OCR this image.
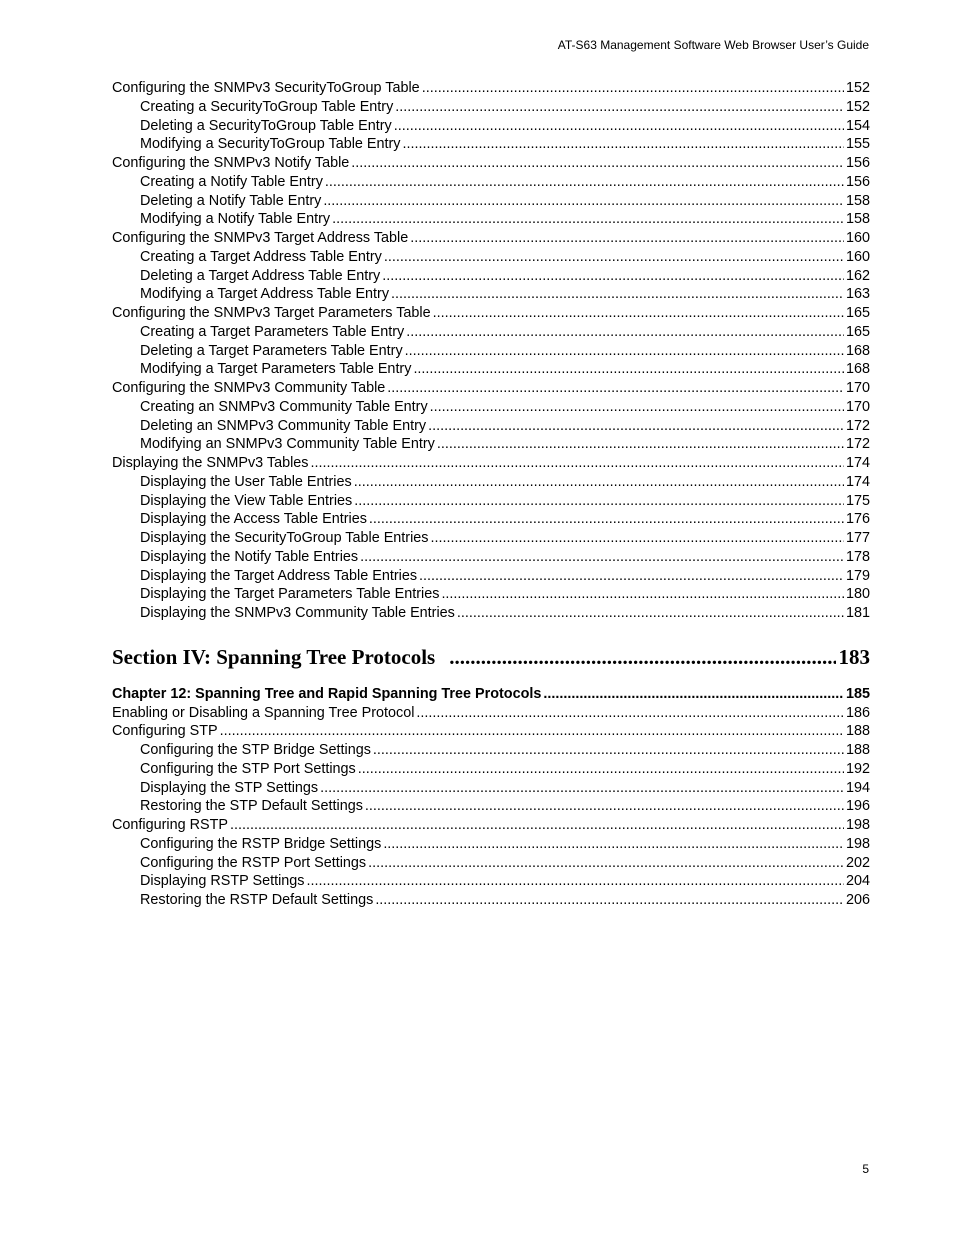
AT-S63 Management Software Web Browser User’s Guide
Configuring the SNMPv3 SecurityToGroup Table .....	152
Creating a SecurityToGroup Table Entry .....	152
Deleting a SecurityToGroup Table Entry .....	154
Modifying a SecurityToGroup Table Entry .....	155
Configuring the SNMPv3 Notify Table .....	156
Creating a Notify Table Entry .....	156
Deleting a Notify Table Entry .....	158
Modifying a Notify Table Entry .....	158
Configuring the SNMPv3 Target Address Table .....	160
Creating a Target Address Table Entry .....	160
Deleting a Target Address Table Entry .....	162
Modifying a Target Address Table Entry .....	163
Configuring the SNMPv3 Target Parameters Table .....	165
Creating a Target Parameters Table Entry .....	165
Deleting a Target Parameters Table Entry .....	168
Modifying a Target Parameters Table Entry .....	168
Configuring the SNMPv3 Community Table .....	170
Creating an SNMPv3 Community Table Entry .....	170
Deleting an SNMPv3 Community Table Entry .....	172
Modifying an SNMPv3 Community Table Entry .....	172
Displaying the SNMPv3 Tables .....	174
Displaying the User Table Entries .....	174
Displaying the View Table Entries .....	175
Displaying the Access Table Entries .....	176
Displaying the SecurityToGroup Table Entries .....	177
Displaying the Notify Table Entries .....	178
Displaying the Target Address Table Entries .....	179
Displaying the Target Parameters Table Entries .....	180
Displaying the SNMPv3 Community Table Entries .....	181
Section IV: Spanning Tree Protocols .....	183
Chapter 12: Spanning Tree and Rapid Spanning Tree Protocols .....	185
Enabling or Disabling a Spanning Tree Protocol .....	186
Configuring STP .....	188
Configuring the STP Bridge Settings .....	188
Configuring the STP Port Settings .....	192
Displaying the STP Settings .....	194
Restoring the STP Default Settings .....	196
Configuring RSTP .....	198
Configuring the RSTP Bridge Settings .....	198
Configuring the RSTP Port Settings .....	202
Displaying RSTP Settings .....	204
Restoring the RSTP Default Settings .....	206
5
